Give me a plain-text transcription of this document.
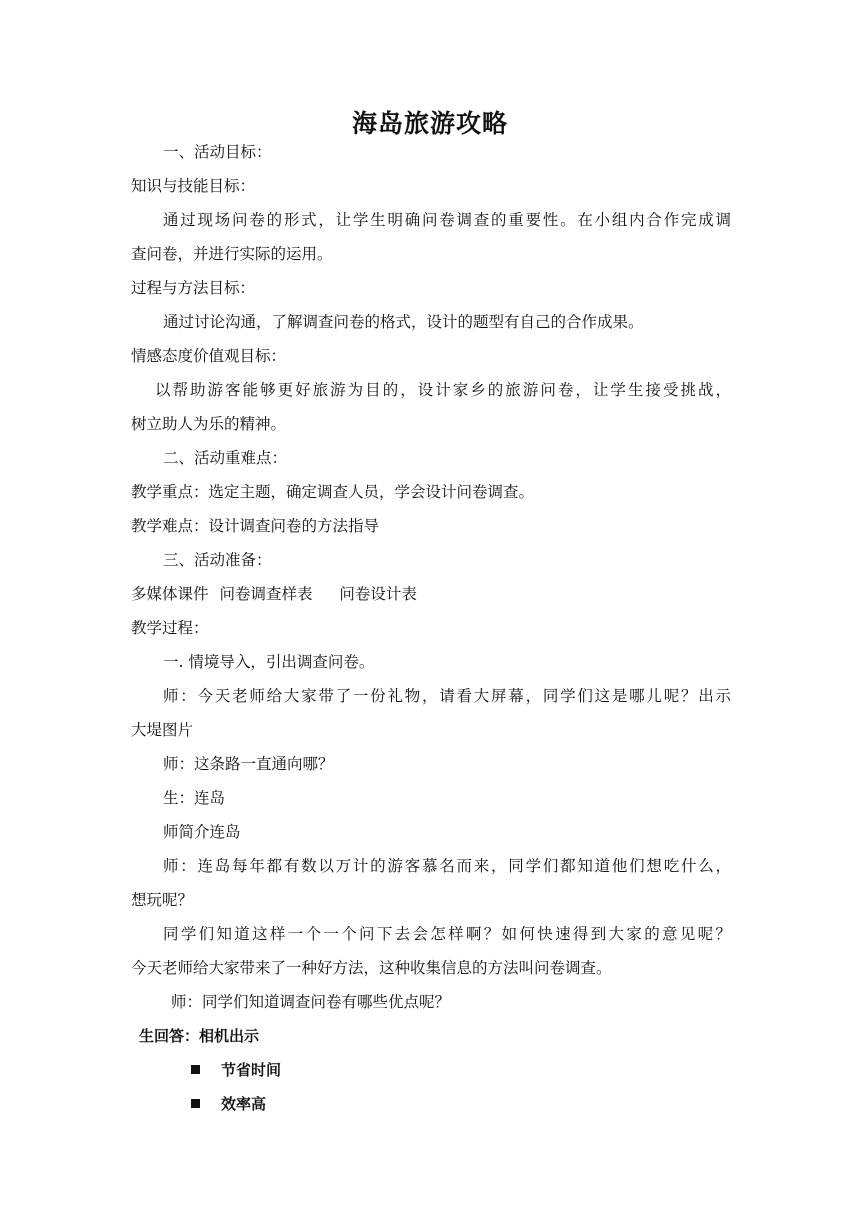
海岛旅游攻略
一、活动目标：
知识与技能目标：
通过现场问卷的形式，让学生明确问卷调查的重要性。在小组内合作完成调
查问卷，并进行实际的运用。
过程与方法目标：
通过讨论沟通，了解调查问卷的格式，设计的题型有自己的合作成果。
情感态度价值观目标：
以帮助游客能够更好旅游为目的，设计家乡的旅游问卷，让学生接受挑战，
树立助人为乐的精神。
二、活动重难点：
教学重点：选定主题，确定调查人员，学会设计问卷调查。
教学难点：设计调查问卷的方法指导
三、活动准备：
多媒体课件 问卷调查样表 问卷设计表
教学过程：
一. 情境导入，引出调查问卷。
师：今天老师给大家带了一份礼物，请看大屏幕，同学们这是哪儿呢？出示
大堤图片
师：这条路一直通向哪？
生：连岛
师简介连岛
师：连岛每年都有数以万计的游客慕名而来，同学们都知道他们想吃什么，
想玩呢？
同学们知道这样一个一个问下去会怎样啊？如何快速得到大家的意见呢？
今天老师给大家带来了一种好方法，这种收集信息的方法叫问卷调查。
师：同学们知道调查问卷有哪些优点呢？
生回答：相机出示
节省时间
效率高
